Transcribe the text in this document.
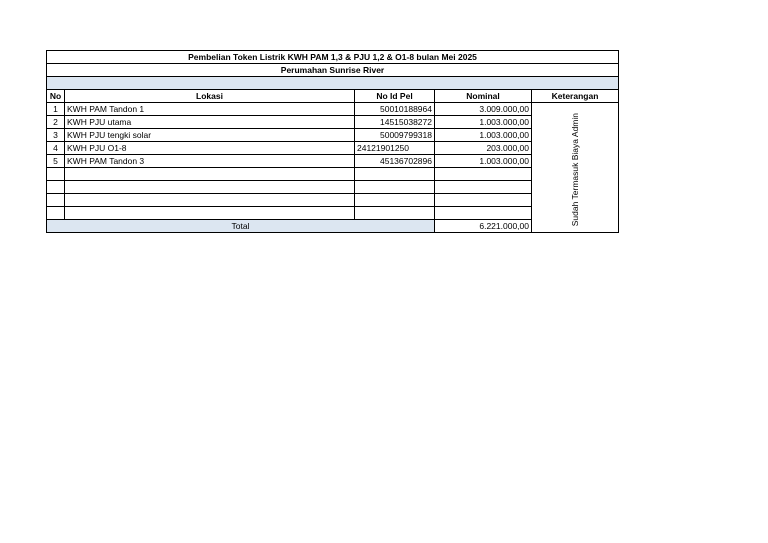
Pembelian Token Listrik KWH PAM 1,3 & PJU 1,2 & O1-8 bulan Mei 2025				
Perumahan Sunrise River				

No	Lokasi	No Id Pel	Nominal	Keterangan
1	KWH PAM Tandon 1	50010188964	3.009.000,00	Sudah Termasuk Biaya Admin
2	KWH PJU utama	14515038272	1.003.000,00	
3	KWH PJU tengki solar	50009799318	1.003.000,00	
4	KWH PJU O1-8	24121901250	203.000,00	
5	KWH PAM Tandon 3	45136702896	1.003.000,00	

Total			6.221.000,00	
